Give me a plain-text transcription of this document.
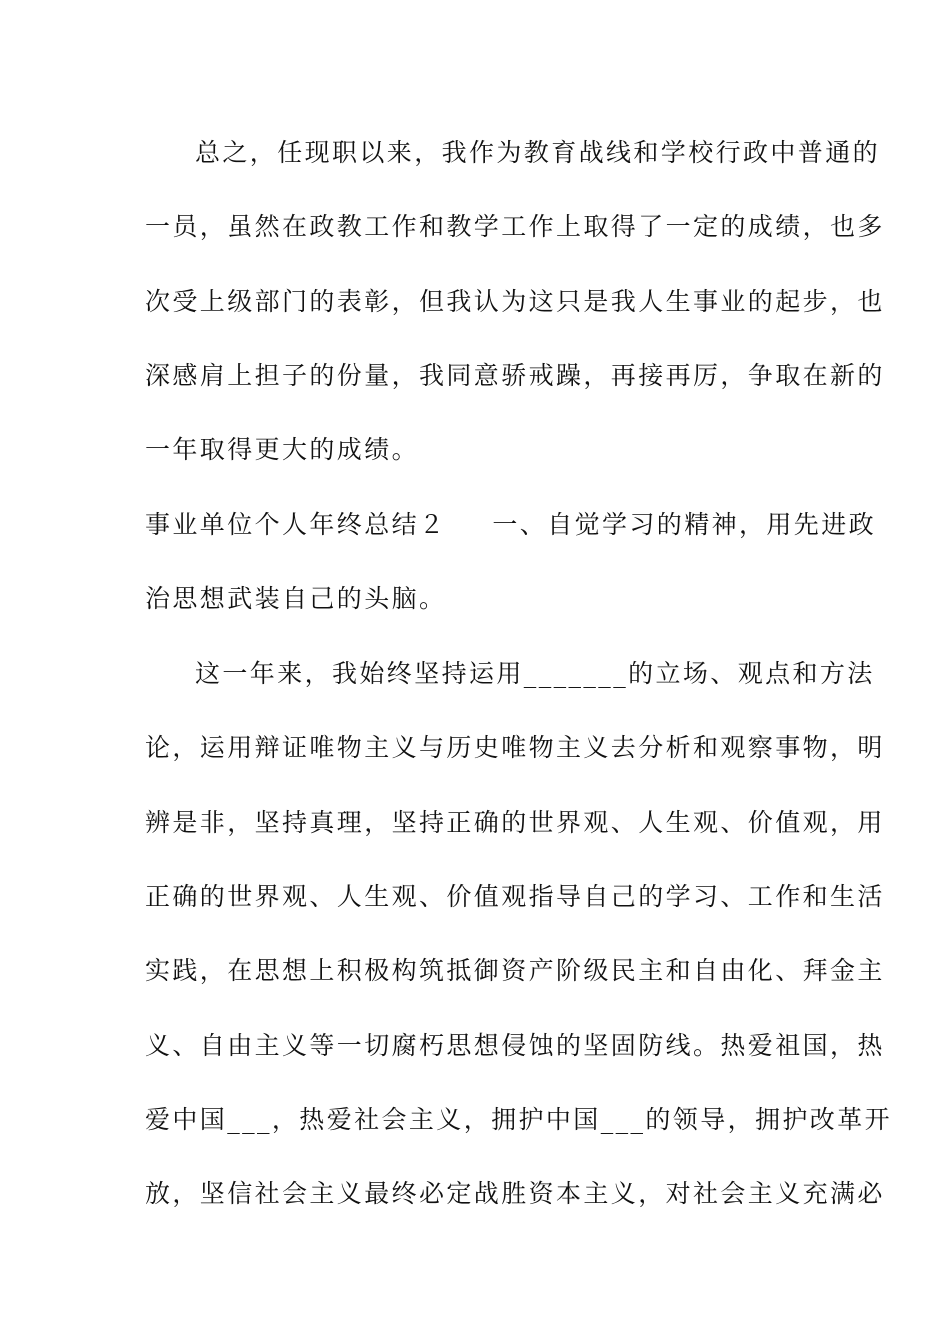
总之，任现职以来，我作为教育战线和学校行政中普通的
一员，虽然在政教工作和教学工作上取得了一定的成绩，也多
次受上级部门的表彰，但我认为这只是我人生事业的起步，也
深感肩上担子的份量，我同意骄戒躁，再接再厉，争取在新的
一年取得更大的成绩。
事业单位个人年终总结２ 一、自觉学习的精神，用先进政
治思想武装自己的头脑。
这一年来，我始终坚持运用_______的立场、观点和方法
论，运用辩证唯物主义与历史唯物主义去分析和观察事物，明
辨是非，坚持真理，坚持正确的世界观、人生观、价值观，用
正确的世界观、人生观、价值观指导自己的学习、工作和生活
实践，在思想上积极构筑抵御资产阶级民主和自由化、拜金主
义、自由主义等一切腐朽思想侵蚀的坚固防线。热爱祖国，热
爱中国___，热爱社会主义，拥护中国___的领导，拥护改革开
放，坚信社会主义最终必定战胜资本主义，对社会主义充满必
